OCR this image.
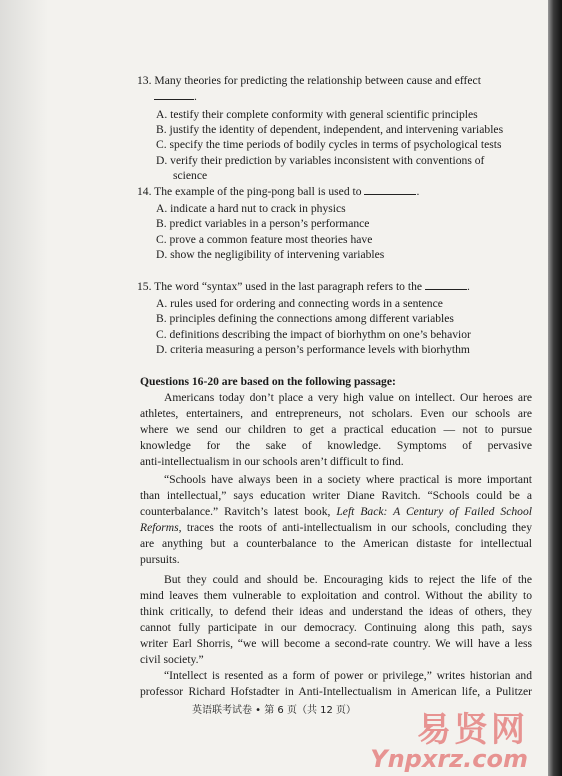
13. Many theories for predicting the relationship between cause and effect
.
A. testify their complete conformity with general scientific principles
B. justify the identity of dependent, independent, and intervening variables
C. specify the time periods of bodily cycles in terms of psychological tests
D. verify their prediction by variables inconsistent with conventions of
science
14. The example of the ping-pong ball is used to	.
A. indicate a hard nut to crack in physics
B. predict variables in a person’s performance
C. prove a common feature most theories have
D. show the negligibility of intervening variables
15. The word “syntax” used in the last paragraph refers to the	.
A. rules used for ordering and connecting words in a sentence
B. principles defining the connections among different variables
C. definitions describing the impact of biorhythm on one’s behavior
D. criteria measuring a person’s performance levels with biorhythm
Questions 16-20 are based on the following passage:
Americans today don’t place a very high value on intellect. Our heroes are
athletes, entertainers, and entrepreneurs, not scholars. Even our schools are
where we send our children to get a practical education — not to pursue
knowledge for the sake of knowledge. Symptoms of pervasive
anti-intellectualism in our schools aren’t difficult to find.
“Schools have always been in a society where practical is more important
than intellectual,” says education writer Diane Ravitch. “Schools could be a
counterbalance.” Ravitch’s latest book, Left Back: A Century of Failed School
Reforms, traces the roots of anti-intellectualism in our schools, concluding they
are anything but a counterbalance to the American distaste for intellectual
pursuits.
But they could and should be. Encouraging kids to reject the life of the
mind leaves them vulnerable to exploitation and control. Without the ability to
think critically, to defend their ideas and understand the ideas of others, they
cannot fully participate in our democracy. Continuing along this path, says
writer Earl Shorris, “we will become a second-rate country. We will have a less
civil society.”
“Intellect is resented as a form of power or privilege,” writes historian and
professor Richard Hofstadter in Anti-Intellectualism in American life, a Pulitzer
英语联考试卷 • 第 6 页（共 12 页）	易贤网
Ynpxrz.com
